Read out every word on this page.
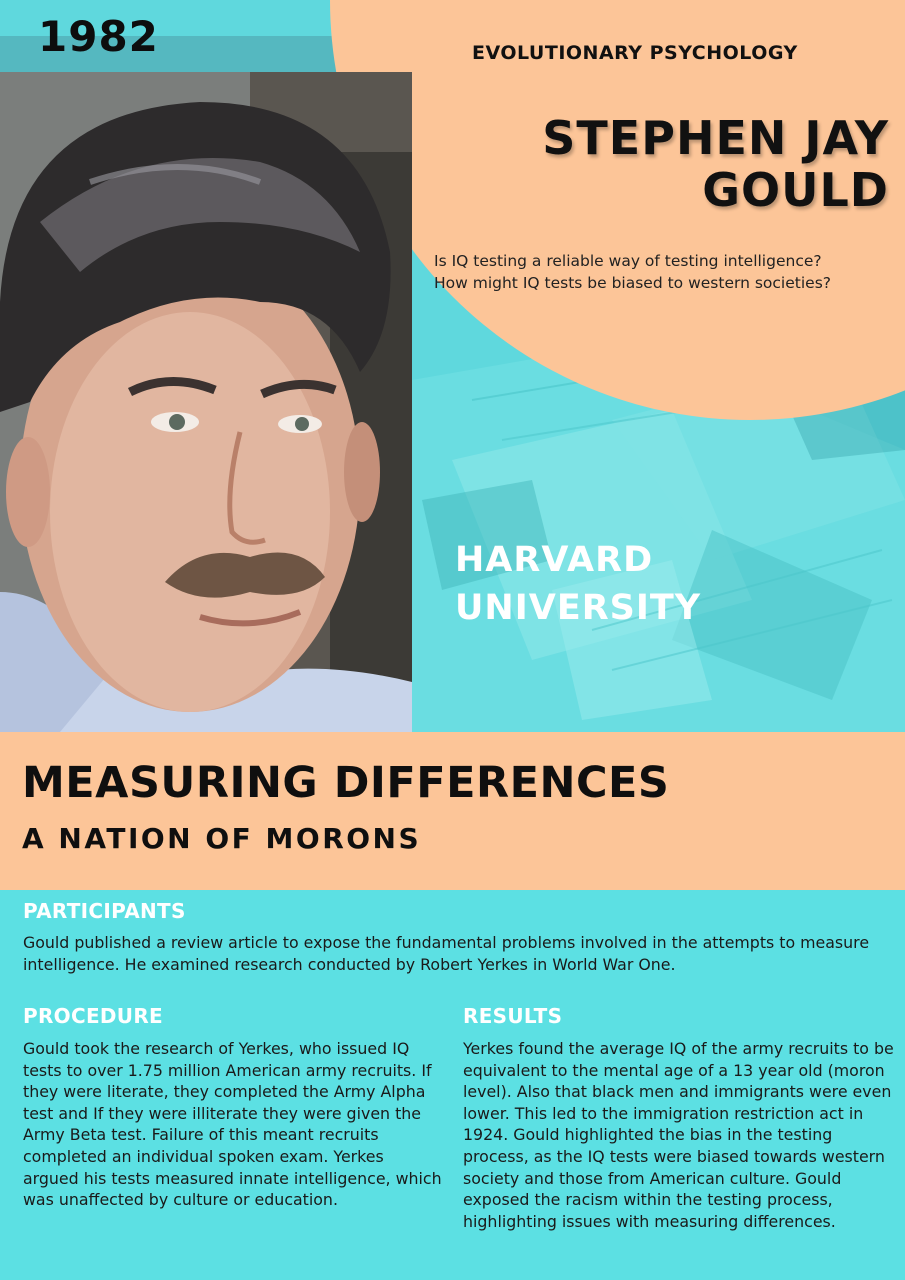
1982	EVOLUTIONARY PSYCHOLOGY
STEPHEN JAY GOULD
Is IQ testing a reliable way of testing intelligence? How might IQ tests be biased to western societies?
HARVARD UNIVERSITY
MEASURING DIFFERENCES
A NATION OF MORONS
PARTICIPANTS
Gould published a review article to expose the fundamental problems involved in the attempts to measure intelligence. He examined research conducted by Robert Yerkes in World War One.
PROCEDURE
Gould took the research of Yerkes, who issued IQ tests to over 1.75 million American army recruits. If they were literate, they completed the Army Alpha test and If they were illiterate they were given the Army Beta test. Failure of this meant recruits completed an individual spoken exam. Yerkes argued his tests measured innate intelligence, which was unaffected by culture or education.
RESULTS
Yerkes found the average IQ of the army recruits to be equivalent to the mental age of a 13 year old (moron level). Also that black men and immigrants were even lower. This led to the immigration restriction act in 1924. Gould highlighted the bias in the testing process, as the IQ tests were biased towards western society and those from American culture. Gould exposed the racism within the testing process, highlighting issues with measuring differences.
